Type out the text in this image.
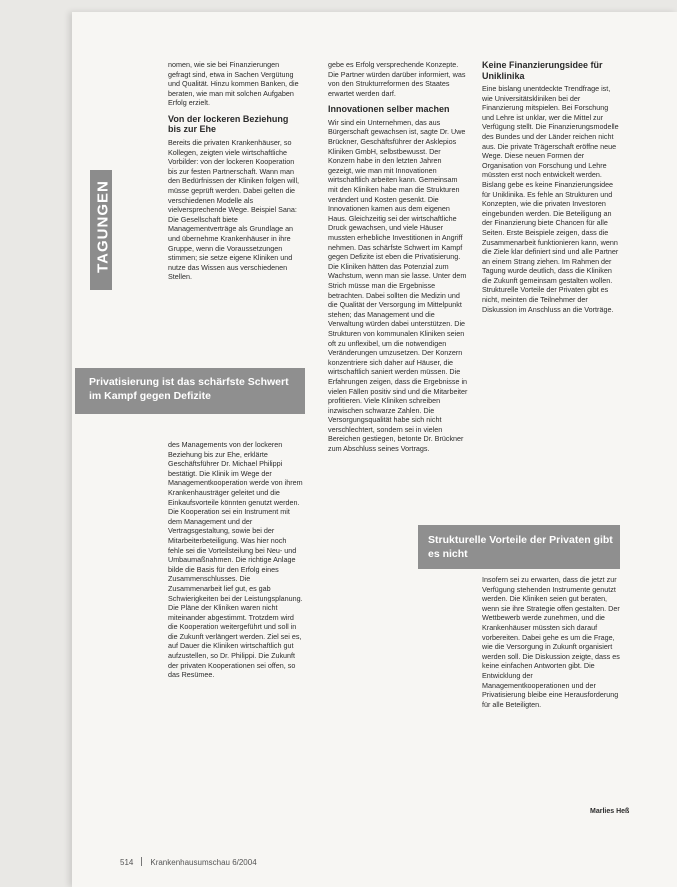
TAGUNGEN

nomen, wie sie bei Finanzierungen gefragt sind, etwa in Sachen Vergütung und Qualität. Hinzu kommen Banken, die beraten, wie man mit solchen Aufgaben Erfolg erzielt.

Von der lockeren Beziehung bis zur Ehe

Bereits die privaten Krankenhäuser, so Kollegen, zeigten viele wirtschaftliche Vorbilder: von der lockeren Kooperation bis zur festen Partnerschaft. Wann man den Bedürfnissen der Kliniken folgen will, müsse geprüft werden. Dabei gelten die verschiedenen Modelle als vielversprechende Wege. Beispiel Sana: Die Gesellschaft biete Managementverträge als Grundlage an und übernehme Krankenhäuser in ihre Gruppe, wenn die Voraussetzungen stimmen; sie setze eigene Kliniken und nutze das Wissen aus verschiedenen Stellen.

Privatisierung ist das schärfste Schwert im Kampf gegen Defizite

des Managements von der lockeren Beziehung bis zur Ehe, erklärte Geschäftsführer Dr. Michael Philippi bestätigt. Die Klinik im Wege der Managementkooperation werde von ihrem Krankenhausträger geleitet und die Einkaufsvorteile könnten genutzt werden. Die Kooperation sei ein Instrument mit dem Management und der Vertragsgestaltung, sowie bei der Mitarbeiterbeteiligung. Was hier noch fehle sei die Vorteilsteilung bei Neu- und Umbaumaßnahmen. Die richtige Anlage bilde die Basis für den Erfolg eines Zusammenschlusses. Die Zusammenarbeit lief gut, es gab Schwierigkeiten bei der Leistungsplanung. Die Pläne der Kliniken waren nicht miteinander abgestimmt. Trotzdem wird die Kooperation weitergeführt und soll in die Zukunft verlängert werden. Ziel sei es, auf Dauer die Kliniken wirtschaftlich gut aufzustellen, so Dr. Philippi. Die Zukunft der privaten Kooperationen sei offen, so das Resümee.

gebe es Erfolg versprechende Konzepte. Die Partner würden darüber informiert, was von den Strukturreformen des Staates erwartet werden darf.

Innovationen selber machen

Wir sind ein Unternehmen, das aus Bürgerschaft gewachsen ist, sagte Dr. Uwe Brückner, Geschäftsführer der Asklepios Kliniken GmbH, selbstbewusst. Der Konzern habe in den letzten Jahren gezeigt, wie man mit Innovationen wirtschaftlich arbeiten kann. Gemeinsam mit den Kliniken habe man die Strukturen verändert und Kosten gesenkt. Die Innovationen kamen aus dem eigenen Haus. Gleichzeitig sei der wirtschaftliche Druck gewachsen, und viele Häuser mussten erhebliche Investitionen in Angriff nehmen. Das schärfste Schwert im Kampf gegen Defizite ist eben die Privatisierung. Die Kliniken hätten das Potenzial zum Wachstum, wenn man sie lasse. Unter dem Strich müsse man die Ergebnisse betrachten. Dabei sollten die Medizin und die Qualität der Versorgung im Mittelpunkt stehen; das Management und die Verwaltung würden dabei unterstützen. Die Strukturen von kommunalen Kliniken seien oft zu unflexibel, um die notwendigen Veränderungen umzusetzen. Der Konzern konzentriere sich daher auf Häuser, die wirtschaftlich saniert werden müssen. Die Erfahrungen zeigen, dass die Ergebnisse in vielen Fällen positiv sind und die Mitarbeiter profitieren. Viele Kliniken schreiben inzwischen schwarze Zahlen. Die Versorgungsqualität habe sich nicht verschlechtert, sondern sei in vielen Bereichen gestiegen, betonte Dr. Brückner zum Abschluss seines Vortrags.

Keine Finanzierungsidee für Uniklinika

Eine bislang unentdeckte Trendfrage ist, wie Universitätskliniken bei der Finanzierung mitspielen. Bei Forschung und Lehre ist unklar, wer die Mittel zur Verfügung stellt. Die Finanzierungsmodelle des Bundes und der Länder reichen nicht aus. Die private Trägerschaft eröffne neue Wege. Diese neuen Formen der Organisation von Forschung und Lehre müssten erst noch entwickelt werden. Bislang gebe es keine Finanzierungsidee für Uniklinika. Es fehle an Strukturen und Konzepten, wie die privaten Investoren eingebunden werden. Die Beteiligung an der Finanzierung biete Chancen für alle Seiten. Erste Beispiele zeigen, dass die Zusammenarbeit funktionieren kann, wenn die Ziele klar definiert sind und alle Partner an einem Strang ziehen. Im Rahmen der Tagung wurde deutlich, dass die Kliniken die Zukunft gemeinsam gestalten wollen. Strukturelle Vorteile der Privaten gibt es nicht, meinten die Teilnehmer der Diskussion im Anschluss an die Vorträge.

Strukturelle Vorteile der Privaten gibt es nicht

Insofern sei zu erwarten, dass die jetzt zur Verfügung stehenden Instrumente genutzt werden. Die Kliniken seien gut beraten, wenn sie ihre Strategie offen gestalten. Der Wettbewerb werde zunehmen, und die Krankenhäuser müssten sich darauf vorbereiten. Dabei gehe es um die Frage, wie die Versorgung in Zukunft organisiert werden soll. Die Diskussion zeigte, dass es keine einfachen Antworten gibt. Die Entwicklung der Managementkooperationen und der Privatisierung bleibe eine Herausforderung für alle Beteiligten.

Marlies Heß
514 Krankenhausumschau 6/2004
